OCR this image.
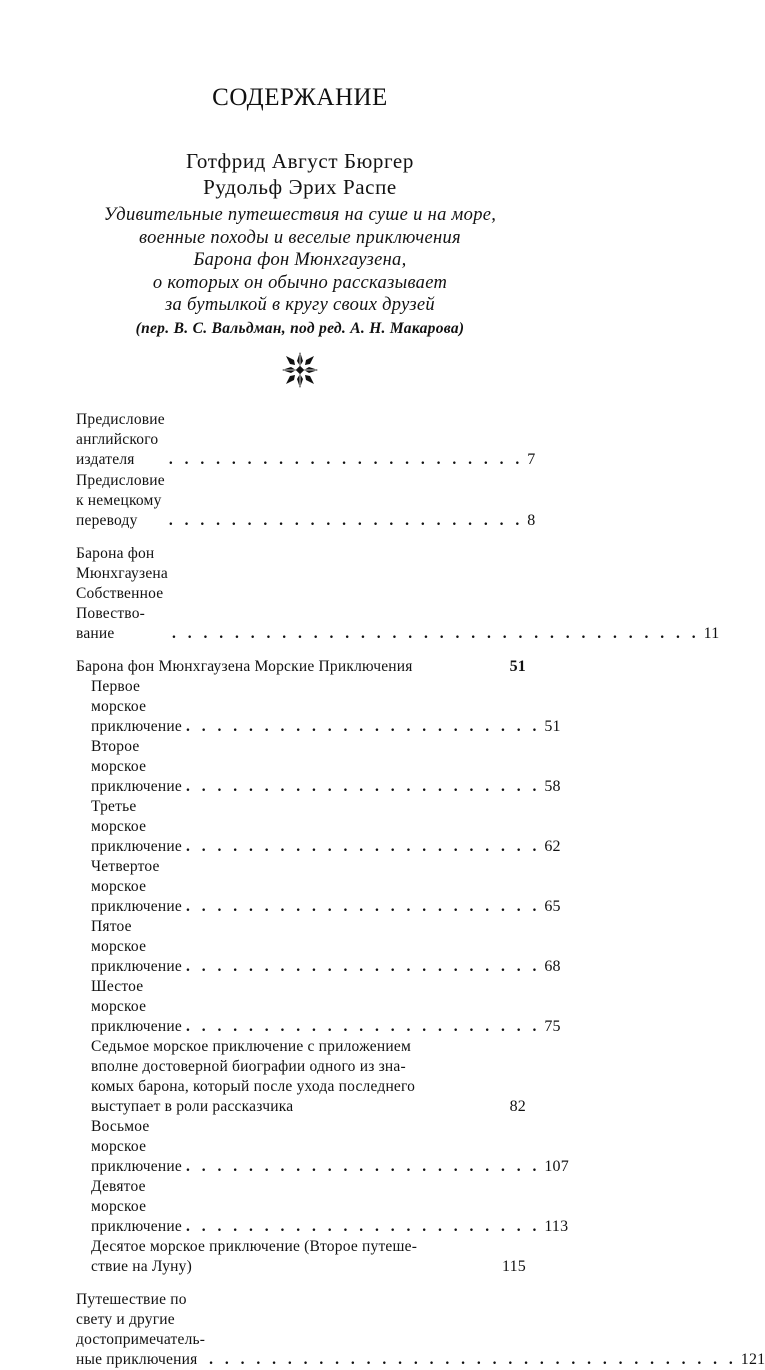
СОДЕРЖАНИЕ
Готфрид Август Бюргер
Рудольф Эрих Распе
Удивительные путешествия на суше и на море,
военные походы и веселые приключения
Барона фон Мюнхгаузена,
о которых он обычно рассказывает
за бутылкой в кругу своих друзей
(пер. В. С. Вальдман, под ред. А. Н. Макарова)
Предисловие английского издателя	. . . . . . . . . . . . . . . . . . . . . . . 7
Предисловие к немецкому переводу	. . . . . . . . . . . . . . . . . . . . . . . 8
Барона фон Мюнхгаузена Собственное Повество-
вание	. . . . . . . . . . . . . . . . . . . . . . . . . . . . . . . . . . 11
Барона фон Мюнхгаузена Морские Приключения	51
Первое морское приключение . . . . . . . . . . . . . . . . . . . . . . . 51
Второе морское приключение . . . . . . . . . . . . . . . . . . . . . . . 58
Третье морское приключение . . . . . . . . . . . . . . . . . . . . . . . 62
Четвертое морское приключение . . . . . . . . . . . . . . . . . . . . . . . 65
Пятое морское приключение . . . . . . . . . . . . . . . . . . . . . . . 68
Шестое морское приключение . . . . . . . . . . . . . . . . . . . . . . . 75
Седьмое морское приключение с приложением
вполне достоверной биографии одного из зна-
комых барона, который после ухода последнего
выступает в роли рассказчика	82
Восьмое морское приключение . . . . . . . . . . . . . . . . . . . . . . . 107
Девятое морское приключение . . . . . . . . . . . . . . . . . . . . . . . 113
Десятое морское приключение (Второе путеше-
ствие на Луну)	115
Путешествие по свету и другие достопримечатель-
ные приключения . . . . . . . . . . . . . . . . . . . . . . . . . . . . . . . . . . 121
